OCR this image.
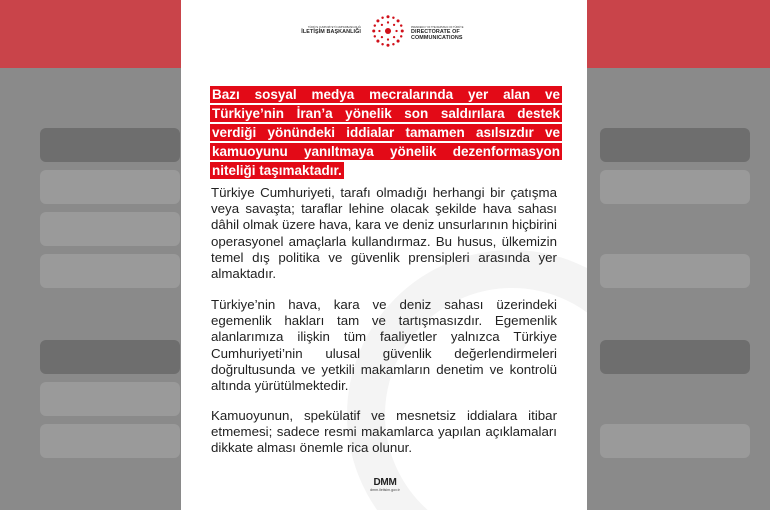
TÜRKİYE CUMHURİYETİ CUMHURBAŞKANLIĞI
İLETİŞİM BAŞKANLIĞI
PRESIDENCY OF THE REPUBLIC OF TÜRKİYE
DIRECTORATE OF
COMMUNICATIONS
Bazı sosyal medya mecralarında yer alan ve Türkiye’nin İran’a yönelik son saldırılara destek verdiği yönündeki iddialar tamamen asılsızdır ve kamuoyunu yanıltmaya yönelik dezenformasyon niteliği taşımaktadır.
Türkiye Cumhuriyeti, tarafı olmadığı herhangi bir çatışma veya savaşta; taraflar lehine olacak şekilde hava sahası dâhil olmak üzere hava, kara ve deniz unsurlarının hiçbirini operasyonel amaçlarla kullandırmaz. Bu husus, ülkemizin temel dış politika ve güvenlik prensipleri arasında yer almaktadır.
Türkiye’nin hava, kara ve deniz sahası üzerindeki egemenlik hakları tam ve tartışmasızdır. Egemenlik alanlarımıza ilişkin tüm faaliyetler yalnızca Türkiye Cumhuriyeti’nin ulusal güvenlik değerlendirmeleri doğrultusunda ve yetkili makamların denetim ve kontrolü altında yürütülmektedir.
Kamuoyunun, spekülatif ve mesnetsiz iddialara itibar etmemesi; sadece resmi makamlarca yapılan açıklamaları dikkate alması önemle rica olunur.
DMM
dmm.iletisim.gov.tr
